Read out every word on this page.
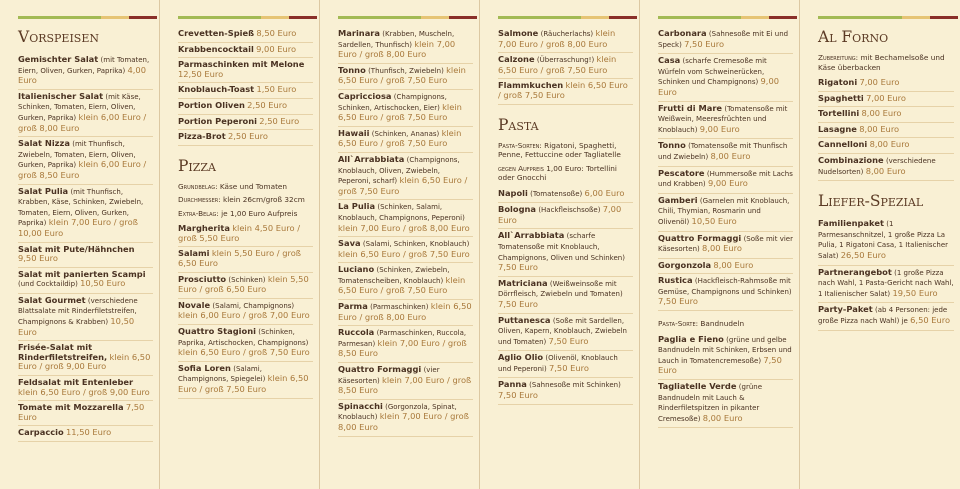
Vorspeisen
Gemischter Salat (mit Tomaten, Eiern, Oliven, Gurken, Paprika) 4,00 Euro
Italienischer Salat (mit Käse, Schinken, Tomaten, Eiern, Oliven, Gurken, Paprika) klein 6,00 Euro / groß 8,00 Euro
Salat Nizza (mit Thunfisch, Zwiebeln, Tomaten, Eiern, Oliven, Gurken, Paprika) klein 6,00 Euro / groß 8,50 Euro
Salat Pulia (mit Thunfisch, Krabben, Käse, Schinken, Zwiebeln, Tomaten, Eiern, Oliven, Gurken, Paprika) klein 7,00 Euro / groß 10,00 Euro
Salat mit Pute/Hähnchen 9,50 Euro
Salat mit panierten Scampi (und Cocktaildip) 10,50 Euro
Salat Gourmet (verschiedene Blattsalate mit Rinderfiletstreifen, Champignons & Krabben) 10,50 Euro
Frisée-Salat mit Rinderfiletstreifen, klein 6,50 Euro / groß 9,00 Euro
Feldsalat mit Entenleber klein 6,50 Euro / groß 9,00 Euro
Tomate mit Mozzarella 7,50 Euro
Carpaccio 11,50 Euro
Crevetten-Spieß 8,50 Euro
Krabbencocktail 9,00 Euro
Parmaschinken mit Melone 12,50 Euro
Knoblauch-Toast 1,50 Euro
Portion Oliven 2,50 Euro
Portion Peperoni 2,50 Euro
Pizza-Brot 2,50 Euro
Pizza
Grundbelag: Käse und Tomaten
Durchmesser: klein 26cm/groß 32cm
Extra-Belag: je 1,00 Euro Aufpreis
Margherita klein 4,50 Euro / groß 5,50 Euro
Salami klein 5,50 Euro / groß 6,50 Euro
Prosciutto (Schinken) klein 5,50 Euro / groß 6,50 Euro
Novale (Salami, Champignons) klein 6,00 Euro / groß 7,00 Euro
Quattro Stagioni (Schinken, Paprika, Artischocken, Champignons) klein 6,50 Euro / groß 7,50 Euro
Sofia Loren (Salami, Champignons, Spiegelei) klein 6,50 Euro / groß 7,50 Euro
Marinara (Krabben, Muscheln, Sardellen, Thunfisch) klein 7,00 Euro / groß 8,00 Euro
Tonno (Thunfisch, Zwiebeln) klein 6,50 Euro / groß 7,50 Euro
Capricciosa (Champignons, Schinken, Artischocken, Eier) klein 6,50 Euro / groß 7,50 Euro
Hawaii (Schinken, Ananas) klein 6,50 Euro / groß 7,50 Euro
All`Arrabbiata (Champignons, Knoblauch, Oliven, Zwiebeln, Peperoni, scharf) klein 6,50 Euro / groß 7,50 Euro
La Pulia (Schinken, Salami, Knoblauch, Champignons, Peperoni) klein 7,00 Euro / groß 8,00 Euro
Sava (Salami, Schinken, Knoblauch) klein 6,50 Euro / groß 7,50 Euro
Luciano (Schinken, Zwiebeln, Tomatenscheiben, Knoblauch) klein 6,50 Euro / groß 7,50 Euro
Parma (Parmaschinken) klein 6,50 Euro / groß 8,00 Euro
Ruccola (Parmaschinken, Ruccola, Parmesan) klein 7,00 Euro / groß 8,50 Euro
Quattro Formaggi (vier Käsesorten) klein 7,00 Euro / groß 8,50 Euro
Spinacchi (Gorgonzola, Spinat, Knoblauch) klein 7,00 Euro / groß 8,00 Euro
Salmone (Räucherlachs) klein 7,00 Euro / groß 8,00 Euro
Calzone (Überraschung!) klein 6,50 Euro / groß 7,50 Euro
Flammkuchen klein 6,50 Euro / groß 7,50 Euro
Pasta
Pasta-Sorten: Rigatoni, Spaghetti, Penne, Fettuccine oder Tagliatelle
gegen Aufpreis 1,00 Euro: Tortellini oder Gnocchi
Napoli (Tomatensoße) 6,00 Euro
Bologna (Hackfleischsoße) 7,00 Euro
All`Arrabbiata (scharfe Tomatensoße mit Knoblauch, Champignons, Oliven und Schinken) 7,50 Euro
Matriciana (Weißweinsoße mit Dörrfleisch, Zwiebeln und Tomaten) 7,50 Euro
Puttanesca (Soße mit Sardellen, Oliven, Kapern, Knoblauch, Zwiebeln und Tomaten) 7,50 Euro
Aglio Olio (Olivenöl, Knoblauch und Peperoni) 7,50 Euro
Panna (Sahnesoße mit Schinken) 7,50 Euro
Carbonara (Sahnesoße mit Ei und Speck) 7,50 Euro
Casa (scharfe Cremesoße mit Würfeln vom Schweinerücken, Schinken und Champignons) 9,00 Euro
Frutti di Mare (Tomatensoße mit Weißwein, Meeresfrüchten und Knoblauch) 9,00 Euro
Tonno (Tomatensoße mit Thunfisch und Zwiebeln) 8,00 Euro
Pescatore (Hummersoße mit Lachs und Krabben) 9,00 Euro
Gamberi (Garnelen mit Knoblauch, Chili, Thymian, Rosmarin und Olivenöl) 10,50 Euro
Quattro Formaggi (Soße mit vier Käsesorten) 8,00 Euro
Gorgonzola 8,00 Euro
Rustica (Hackfleisch-Rahmsoße mit Gemüse, Champignons und Schinken) 7,50 Euro
Pasta-Sorte: Bandnudeln
Paglia e Fieno (grüne und gelbe Bandnudeln mit Schinken, Erbsen und Lauch in Tomatencremesoße) 7,50 Euro
Tagliatelle Verde (grüne Bandnudeln mit Lauch & Rinderfiletspitzen in pikanter Cremesoße) 8,00 Euro
Al Forno
Zubereitung: mit Bechamelsoße und Käse überbacken
Rigatoni 7,00 Euro
Spaghetti 7,00 Euro
Tortellini 8,00 Euro
Lasagne 8,00 Euro
Cannelloni 8,00 Euro
Combinazione (verschiedene Nudelsorten) 8,00 Euro
Liefer-Spezial
Familienpaket (1 Parmesanschnitzel, 1 große Pizza La Pulia, 1 Rigatoni Casa, 1 Italienischer Salat) 26,50 Euro
Partnerangebot (1 große Pizza nach Wahl, 1 Pasta-Gericht nach Wahl, 1 Italienischer Salat) 19,50 Euro
Party-Paket (ab 4 Personen: jede große Pizza nach Wahl) je 6,50 Euro
